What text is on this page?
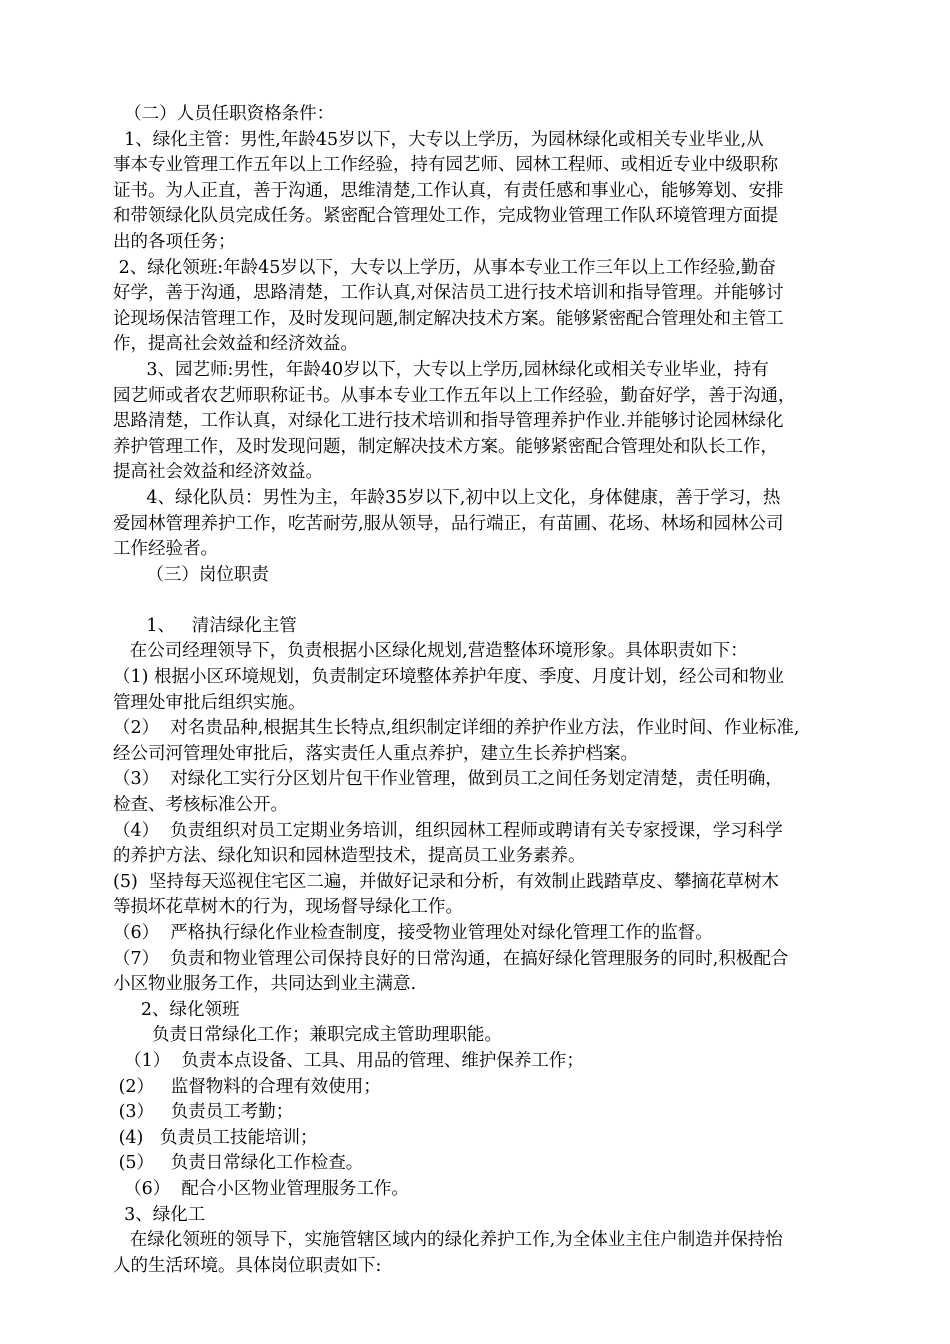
（二）人员任职资格条件：
1、绿化主管：男性,年龄45岁以下，大专以上学历，为园林绿化或相关专业毕业,从
事本专业管理工作五年以上工作经验，持有园艺师、园林工程师、或相近专业中级职称
证书。为人正直，善于沟通，思维清楚,工作认真，有责任感和事业心，能够筹划、安排
和带领绿化队员完成任务。紧密配合管理处工作，完成物业管理工作队环境管理方面提
出的各项任务；
2、绿化领班:年龄45岁以下，大专以上学历，从事本专业工作三年以上工作经验,勤奋
好学，善于沟通，思路清楚，工作认真,对保洁员工进行技术培训和指导管理。并能够讨
论现场保洁管理工作，及时发现问题,制定解决技术方案。能够紧密配合管理处和主管工
作，提高社会效益和经济效益。
3、园艺师:男性，年龄40岁以下，大专以上学历,园林绿化或相关专业毕业，持有
园艺师或者农艺师职称证书。从事本专业工作五年以上工作经验，勤奋好学，善于沟通，
思路清楚，工作认真，对绿化工进行技术培训和指导管理养护作业.并能够讨论园林绿化
养护管理工作，及时发现问题，制定解决技术方案。能够紧密配合管理处和队长工作，
提高社会效益和经济效益。
4、绿化队员：男性为主，年龄35岁以下,初中以上文化，身体健康，善于学习，热
爱园林管理养护工作，吃苦耐劳,服从领导，品行端正，有苗圃、花场、林场和园林公司
工作经验者。
（三）岗位职责
1、   清洁绿化主管
在公司经理领导下，负责根据小区绿化规划,营造整体环境形象。具体职责如下：
（1) 根据小区环境规划，负责制定环境整体养护年度、季度、月度计划，经公司和物业
管理处审批后组织实施。
（2）  对名贵品种,根据其生长特点,组织制定详细的养护作业方法，作业时间、作业标准,
经公司河管理处审批后，落实责任人重点养护，建立生长养护档案。
（3）  对绿化工实行分区划片包干作业管理，做到员工之间任务划定清楚，责任明确，
检查、考核标准公开。
（4）  负责组织对员工定期业务培训，组织园林工程师或聘请有关专家授课，学习科学
的养护方法、绿化知识和园林造型技术，提高员工业务素养。
(5)  坚持每天巡视住宅区二遍，并做好记录和分析，有效制止践踏草皮、攀摘花草树木
等损坏花草树木的行为，现场督导绿化工作。
（6）  严格执行绿化作业检查制度，接受物业管理处对绿化管理工作的监督。
（7）  负责和物业管理公司保持良好的日常沟通，在搞好绿化管理服务的同时,积极配合
小区物业服务工作，共同达到业主满意.
2、绿化领班
负责日常绿化工作；兼职完成主管助理职能。
（1）  负责本点设备、工具、用品的管理、维护保养工作；
(2）   监督物料的合理有效使用；
(3）   负责员工考勤；
(4)   负责员工技能培训；
(5）   负责日常绿化工作检查。
（6）  配合小区物业管理服务工作。
3、绿化工
在绿化领班的领导下，实施管辖区域内的绿化养护工作,为全体业主住户制造并保持怡
人的生活环境。具体岗位职责如下:
